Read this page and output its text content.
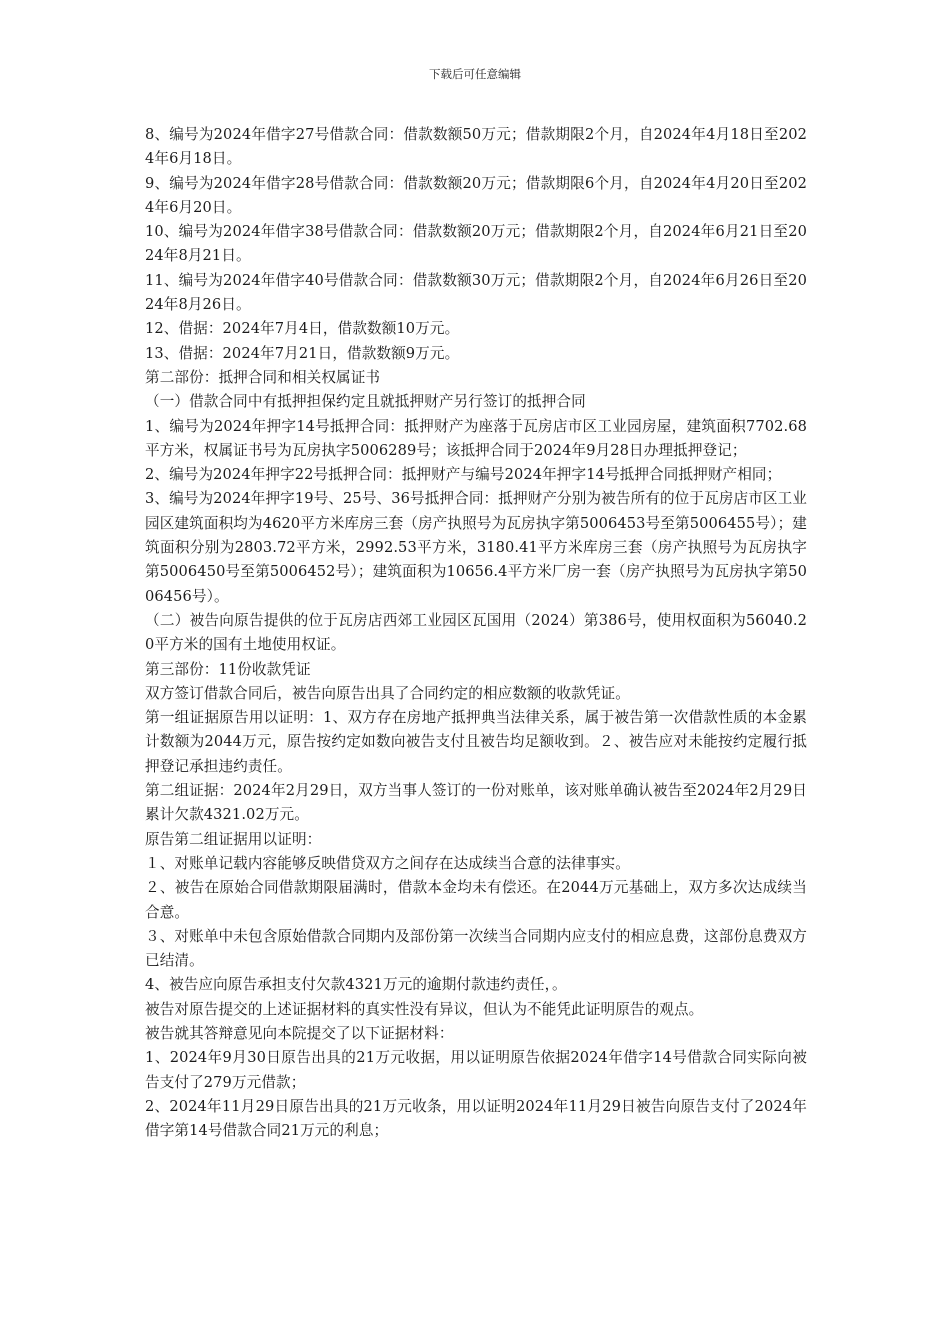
下载后可任意编辑

8、编号为2024年借字27号借款合同：借款数额50万元；借款期限2个月，自2024年4月18日至2024年6月18日。

9、编号为2024年借字28号借款合同：借款数额20万元；借款期限6个月，自2024年4月20日至2024年6月20日。

10、编号为2024年借字38号借款合同：借款数额20万元；借款期限2个月，自2024年6月21日至2024年8月21日。

11、编号为2024年借字40号借款合同：借款数额30万元；借款期限2个月，自2024年6月26日至2024年8月26日。

12、借据：2024年7月4日，借款数额10万元。

13、借据：2024年7月21日，借款数额9万元。

第二部份：抵押合同和相关权属证书

（一）借款合同中有抵押担保约定且就抵押财产另行签订的抵押合同

1、编号为2024年押字14号抵押合同：抵押财产为座落于瓦房店市区工业园房屋，建筑面积7702.68平方米，权属证书号为瓦房执字5006289号；该抵押合同于2024年9月28日办理抵押登记；

2、编号为2024年押字22号抵押合同：抵押财产与编号2024年押字14号抵押合同抵押财产相同；

3、编号为2024年押字19号、25号、36号抵押合同：抵押财产分别为被告所有的位于瓦房店市区工业园区建筑面积均为4620平方米库房三套（房产执照号为瓦房执字第5006453号至第5006455号）；建筑面积分别为2803.72平方米，2992.53平方米，3180.41平方米库房三套（房产执照号为瓦房执字第5006450号至第5006452号）；建筑面积为10656.4平方米厂房一套（房产执照号为瓦房执字第5006456号）。

（二）被告向原告提供的位于瓦房店西郊工业园区瓦国用（2024）第386号，使用权面积为56040.20平方米的国有土地使用权证。

第三部份：11份收款凭证

双方签订借款合同后，被告向原告出具了合同约定的相应数额的收款凭证。

第一组证据原告用以证明：1、双方存在房地产抵押典当法律关系，属于被告第一次借款性质的本金累计数额为2044万元，原告按约定如数向被告支付且被告均足额收到。２、被告应对未能按约定履行抵押登记承担违约责任。

第二组证据：2024年2月29日，双方当事人签订的一份对账单，该对账单确认被告至2024年2月29日累计欠款4321.02万元。

原告第二组证据用以证明：

１、对账单记载内容能够反映借贷双方之间存在达成续当合意的法律事实。

２、被告在原始合同借款期限届满时，借款本金均未有偿还。在2044万元基础上，双方多次达成续当合意。

３、对账单中未包含原始借款合同期内及部份第一次续当合同期内应支付的相应息费，这部份息费双方已结清。

4、被告应向原告承担支付欠款4321万元的逾期付款违约责任，。

被告对原告提交的上述证据材料的真实性没有异议，但认为不能凭此证明原告的观点。

被告就其答辩意见向本院提交了以下证据材料：

1、2024年9月30日原告出具的21万元收据，用以证明原告依据2024年借字14号借款合同实际向被告支付了279万元借款；

2、2024年11月29日原告出具的21万元收条，用以证明2024年11月29日被告向原告支付了2024年借字第14号借款合同21万元的利息；
